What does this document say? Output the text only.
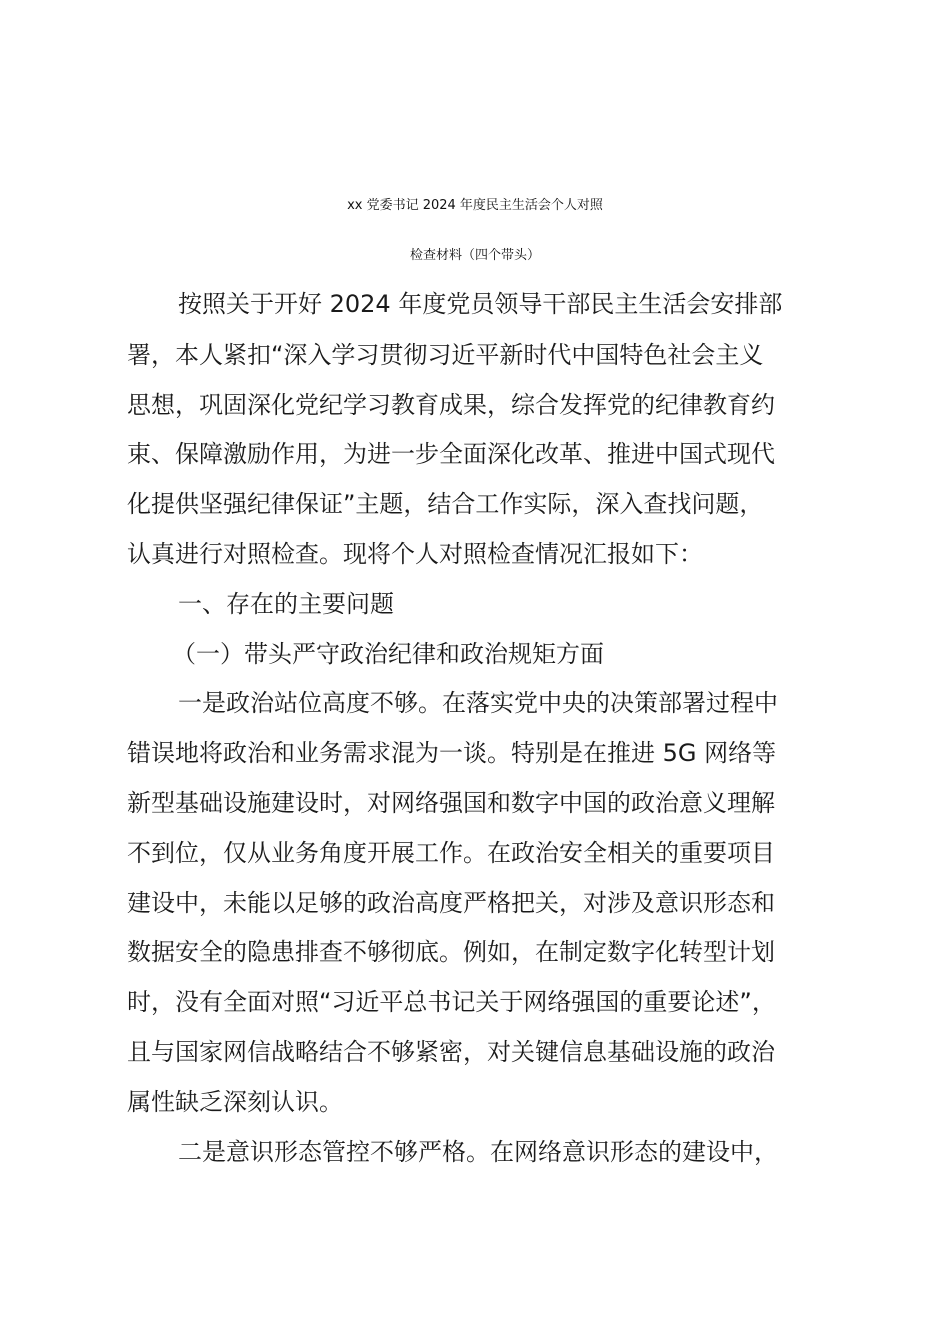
xx 党委书记 2024 年度民主生活会个人对照
检查材料（四个带头）
按照关于开好 2024 年度党员领导干部民主生活会安排部
署，本人紧扣“深入学习贯彻习近平新时代中国特色社会主义
思想，巩固深化党纪学习教育成果，综合发挥党的纪律教育约
束、保障激励作用，为进一步全面深化改革、推进中国式现代
化提供坚强纪律保证”主题，结合工作实际，深入查找问题，
认真进行对照检查。现将个人对照检查情况汇报如下：
一、存在的主要问题
（一）带头严守政治纪律和政治规矩方面
一是政治站位高度不够。在落实党中央的决策部署过程中
错误地将政治和业务需求混为一谈。特别是在推进 5G 网络等
新型基础设施建设时，对网络强国和数字中国的政治意义理解
不到位，仅从业务角度开展工作。在政治安全相关的重要项目
建设中，未能以足够的政治高度严格把关，对涉及意识形态和
数据安全的隐患排查不够彻底。例如，在制定数字化转型计划
时，没有全面对照“习近平总书记关于网络强国的重要论述”，
且与国家网信战略结合不够紧密，对关键信息基础设施的政治
属性缺乏深刻认识。
二是意识形态管控不够严格。在网络意识形态的建设中，
